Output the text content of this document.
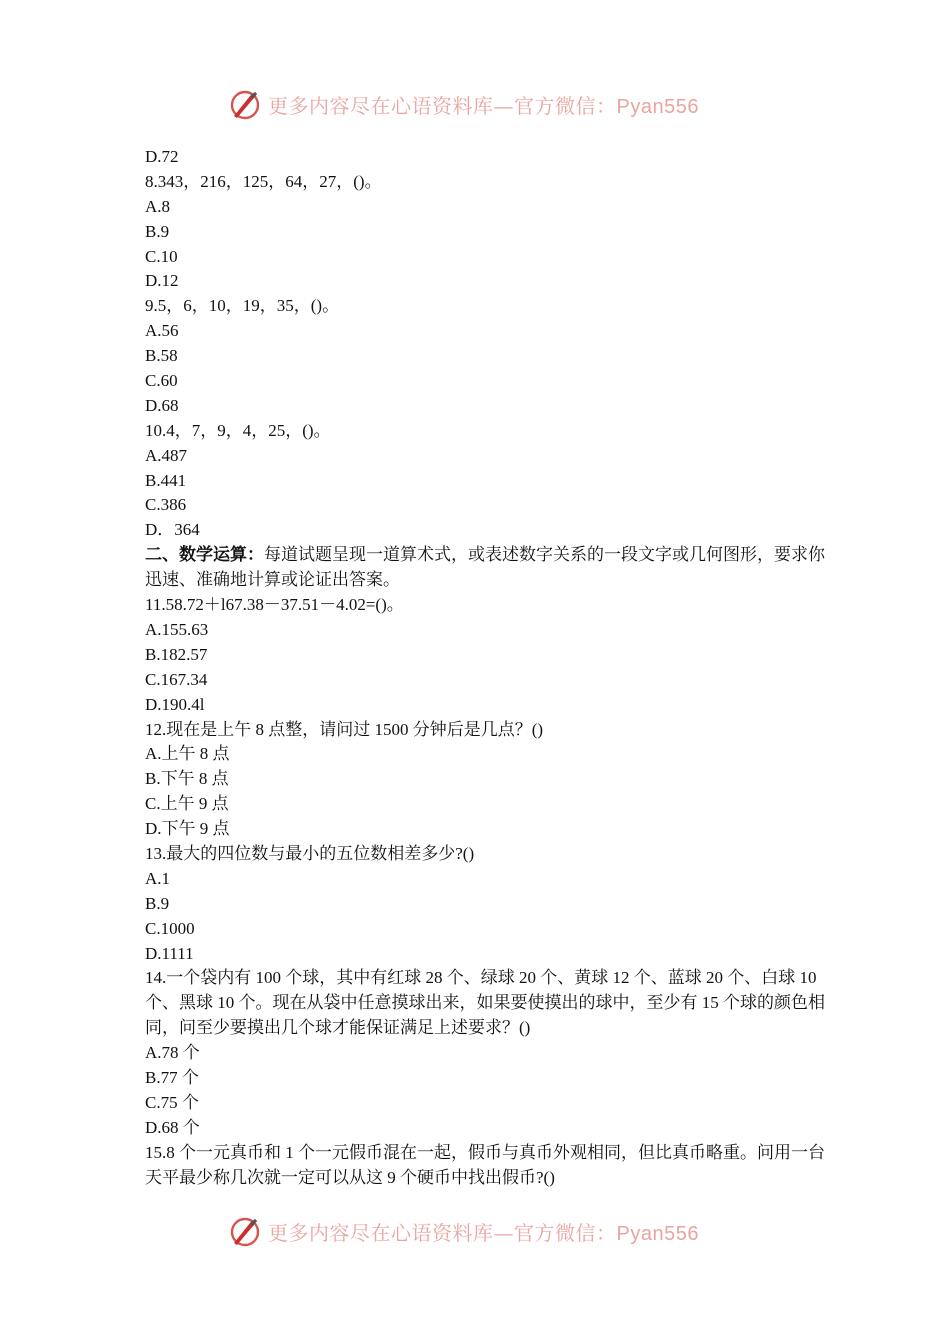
更多内容尽在心语资料库—官方微信：Pyan556
D.72
8.343，216，125，64，27，()。
A.8
B.9
C.10
D.12
9.5，6，10，19，35，()。
A.56
B.58
C.60
D.68
10.4，7，9，4，25，()。
A.487
B.441
C.386
D．364
二、数学运算：每道试题呈现一道算术式，或表述数字关系的一段文字或几何图形，要求你迅速、准确地计算或论证出答案。
11.58.72＋l67.38－37.51－4.02=()。
A.155.63
B.182.57
C.167.34
D.190.4l
12.现在是上午 8 点整，请问过 1500 分钟后是几点？()
A.上午 8 点
B.下午 8 点
C.上午 9 点
D.下午 9 点
13.最大的四位数与最小的五位数相差多少?()
A.1
B.9
C.1000
D.1111
14.一个袋内有 100 个球，其中有红球 28 个、绿球 20 个、黄球 12 个、蓝球 20 个、白球 10 个、黑球 10 个。现在从袋中任意摸球出来，如果要使摸出的球中，至少有 15 个球的颜色相同，问至少要摸出几个球才能保证满足上述要求？()
A.78 个
B.77 个
C.75 个
D.68 个
15.8 个一元真币和 1 个一元假币混在一起，假币与真币外观相同，但比真币略重。问用一台天平最少称几次就一定可以从这 9 个硬币中找出假币?()
更多内容尽在心语资料库—官方微信：Pyan556
